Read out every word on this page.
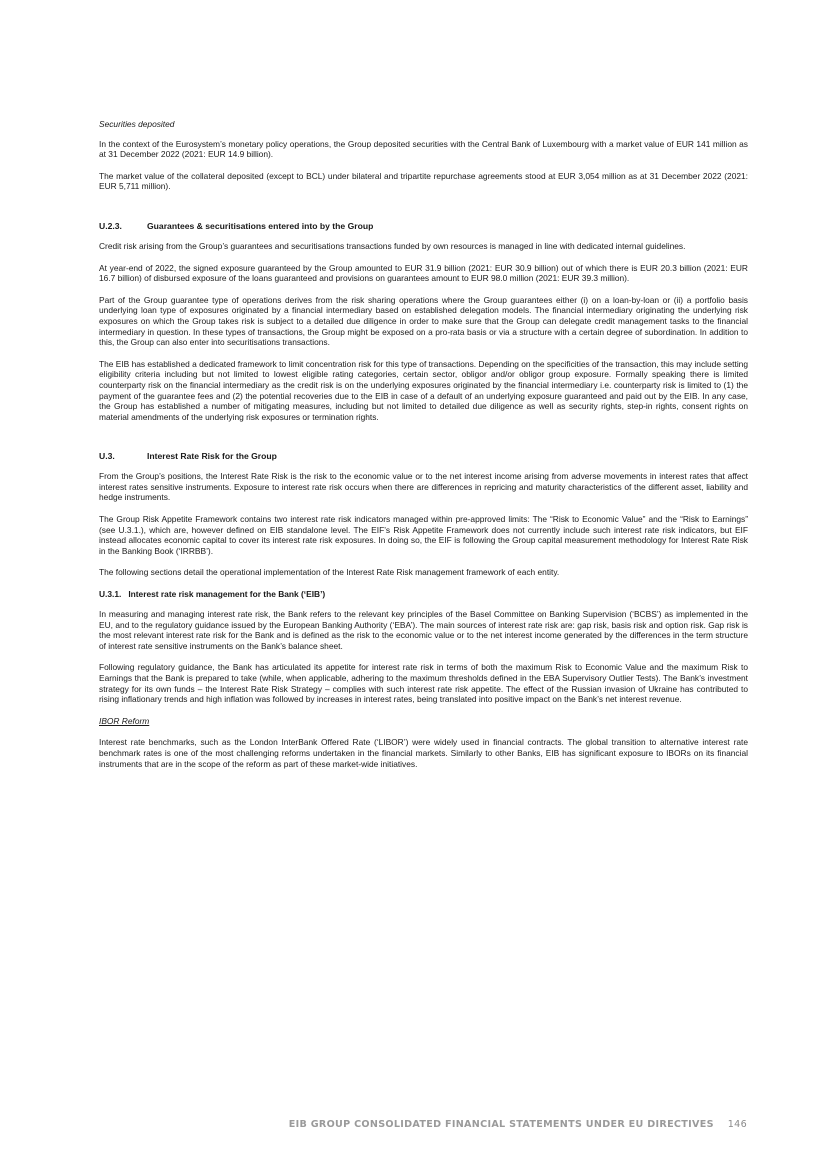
Securities deposited

In the context of the Eurosystem’s monetary policy operations, the Group deposited securities with the Central Bank of Luxembourg with a market value of EUR 141 million as at 31 December 2022 (2021: EUR 14.9 billion).

The market value of the collateral deposited (except to BCL) under bilateral and tripartite repurchase agreements stood at EUR 3,054 million as at 31 December 2022 (2021: EUR 5,711 million).

U.2.3.	Guarantees & securitisations entered into by the Group

Credit risk arising from the Group’s guarantees and securitisations transactions funded by own resources is managed in line with dedicated internal guidelines.

At year-end of 2022, the signed exposure guaranteed by the Group amounted to EUR 31.9 billion (2021: EUR 30.9 billion) out of which there is EUR 20.3 billion (2021: EUR 16.7 billion) of disbursed exposure of the loans guaranteed and provisions on guarantees amount to EUR 98.0 million (2021: EUR 39.3 million).

Part of the Group guarantee type of operations derives from the risk sharing operations where the Group guarantees either (i) on a loan-by-loan or (ii) a portfolio basis underlying loan type of exposures originated by a financial intermediary based on established delegation models. The financial intermediary originating the underlying risk exposures on which the Group takes risk is subject to a detailed due diligence in order to make sure that the Group can delegate credit management tasks to the financial intermediary in question. In these types of transactions, the Group might be exposed on a pro-rata basis or via a structure with a certain degree of subordination. In addition to this, the Group can also enter into securitisations transactions.

The EIB has established a dedicated framework to limit concentration risk for this type of transactions. Depending on the specificities of the transaction, this may include setting eligibility criteria including but not limited to lowest eligible rating categories, certain sector, obligor and/or obligor group exposure. Formally speaking there is limited counterparty risk on the financial intermediary as the credit risk is on the underlying exposures originated by the financial intermediary i.e. counterparty risk is limited to (1) the payment of the guarantee fees and (2) the potential recoveries due to the EIB in case of a default of an underlying exposure guaranteed and paid out by the EIB. In any case, the Group has established a number of mitigating measures, including but not limited to detailed due diligence as well as security rights, step-in rights, consent rights on material amendments of the underlying risk exposures or termination rights.

U.3.	Interest Rate Risk for the Group

From the Group’s positions, the Interest Rate Risk is the risk to the economic value or to the net interest income arising from adverse movements in interest rates that affect interest rates sensitive instruments. Exposure to interest rate risk occurs when there are differences in repricing and maturity characteristics of the different asset, liability and hedge instruments.

The Group Risk Appetite Framework contains two interest rate risk indicators managed within pre-approved limits: The “Risk to Economic Value” and the “Risk to Earnings” (see U.3.1.), which are, however defined on EIB standalone level. The EIF’s Risk Appetite Framework does not currently include such interest rate risk indicators, but EIF instead allocates economic capital to cover its interest rate risk exposures. In doing so, the EIF is following the Group capital measurement methodology for Interest Rate Risk in the Banking Book (‘IRRBB’).

The following sections detail the operational implementation of the Interest Rate Risk management framework of each entity.

U.3.1.   Interest rate risk management for the Bank (‘EIB’)

In measuring and managing interest rate risk, the Bank refers to the relevant key principles of the Basel Committee on Banking Supervision (‘BCBS’) as implemented in the EU, and to the regulatory guidance issued by the European Banking Authority (‘EBA’). The main sources of interest rate risk are: gap risk, basis risk and option risk. Gap risk is the most relevant interest rate risk for the Bank and is defined as the risk to the economic value or to the net interest income generated by the differences in the term structure of interest rate sensitive instruments on the Bank’s balance sheet.

Following regulatory guidance, the Bank has articulated its appetite for interest rate risk in terms of both the maximum Risk to Economic Value and the maximum Risk to Earnings that the Bank is prepared to take (while, when applicable, adhering to the maximum thresholds defined in the EBA Supervisory Outlier Tests). The Bank’s investment strategy for its own funds – the Interest Rate Risk Strategy – complies with such interest rate risk appetite. The effect of the Russian invasion of Ukraine has contributed to rising inflationary trends and high inflation was followed by increases in interest rates, being translated into positive impact on the Bank’s net interest revenue.

IBOR Reform

Interest rate benchmarks, such as the London InterBank Offered Rate (‘LIBOR’) were widely used in financial contracts. The global transition to alternative interest rate benchmark rates is one of the most challenging reforms undertaken in the financial markets. Similarly to other Banks, EIB has significant exposure to IBORs on its financial instruments that are in the scope of the reform as part of these market-wide initiatives.

EIB GROUP CONSOLIDATED FINANCIAL STATEMENTS UNDER EU DIRECTIVES 146
